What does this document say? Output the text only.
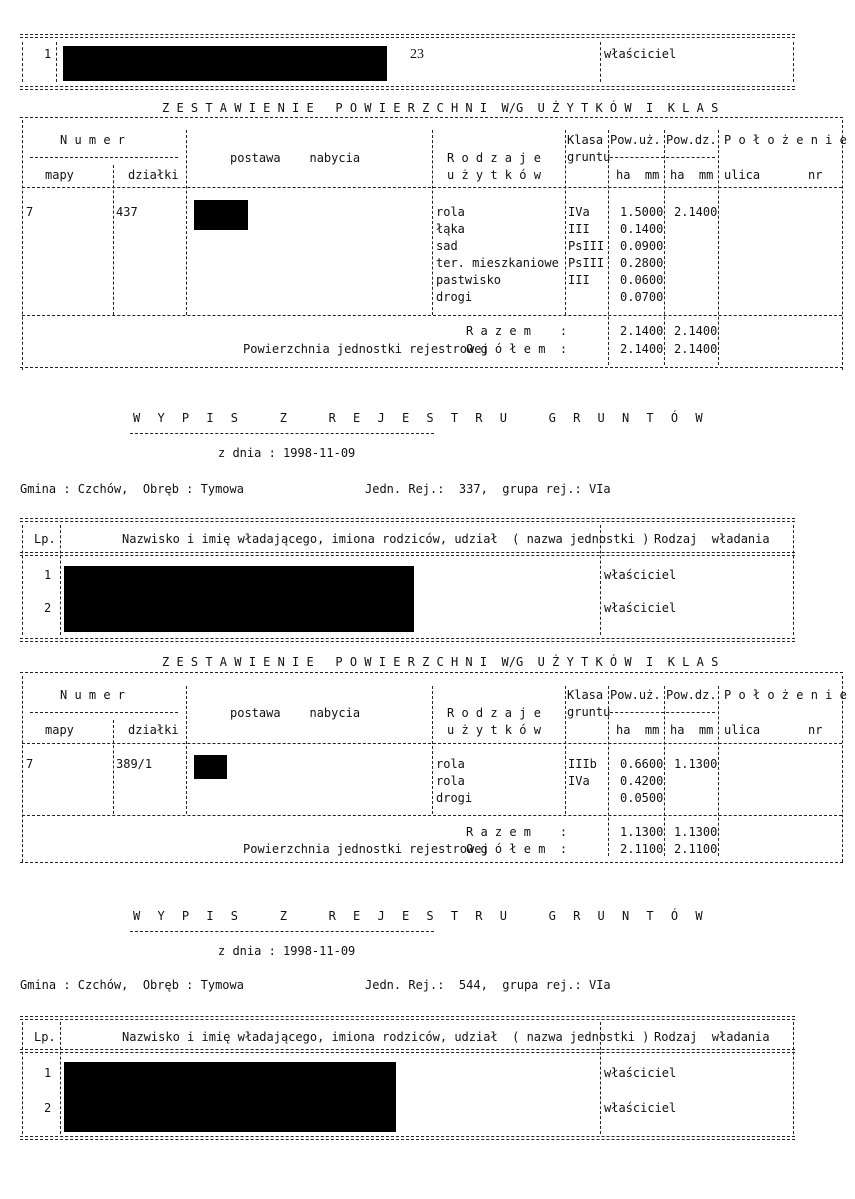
1	23	właściciel
Z E S T A W I E N I E   P O W I E R Z C H N I  W/G  U Ż Y T K Ó W  I  K L A S
N u m e r
postawa    nabycia	R o d z a j e
u ż y t k ó w
Klasa
gruntu
Pow.uż. Pow.dz. P o ł o ż e n i e
mapy	działki	ha  mm ha  mm ulica	nr
7	437	rola	IVa	1.5000 2.1400
łąka	III	0.1400
sad	PsIII 0.0900
ter. mieszkaniowe PsIII 0.2800
pastwisko	III	0.0600
drogi	0.0700
R a z e m    :	2.1400 2.1400
Powierzchnia jednostki rejestrowej
O g ó ł e m  :	2.1400 2.1400
W Y P I S   Z   R E J E S T R U   G R U N T Ó W
z dnia : 1998-11-09
Gmina : Czchów,  Obręb : Tymowa	Jedn. Rej.:  337,  grupa rej.: VIa
Lp.	Nazwisko i imię władającego, imiona rodziców, udział  ( nazwa jednostki ) Rodzaj  władania
1	właściciel
2	właściciel
Z E S T A W I E N I E   P O W I E R Z C H N I  W/G  U Ż Y T K Ó W  I  K L A S
N u m e r
postawa    nabycia	R o d z a j e
u ż y t k ó w
Klasa
gruntu
Pow.uż. Pow.dz. P o ł o ż e n i e
mapy	działki	ha  mm ha  mm ulica	nr
7	389/1	rola	IIIb 0.6600 1.1300
rola	IVa	0.4200
drogi	0.0500
R a z e m    :	1.1300 1.1300
Powierzchnia jednostki rejestrowej
O g ó ł e m  :	2.1100 2.1100
W Y P I S   Z   R E J E S T R U   G R U N T Ó W
z dnia : 1998-11-09
Gmina : Czchów,  Obręb : Tymowa	Jedn. Rej.:  544,  grupa rej.: VIa
Lp.	Nazwisko i imię władającego, imiona rodziców, udział  ( nazwa jednostki ) Rodzaj  władania
1	właściciel
2	właściciel
